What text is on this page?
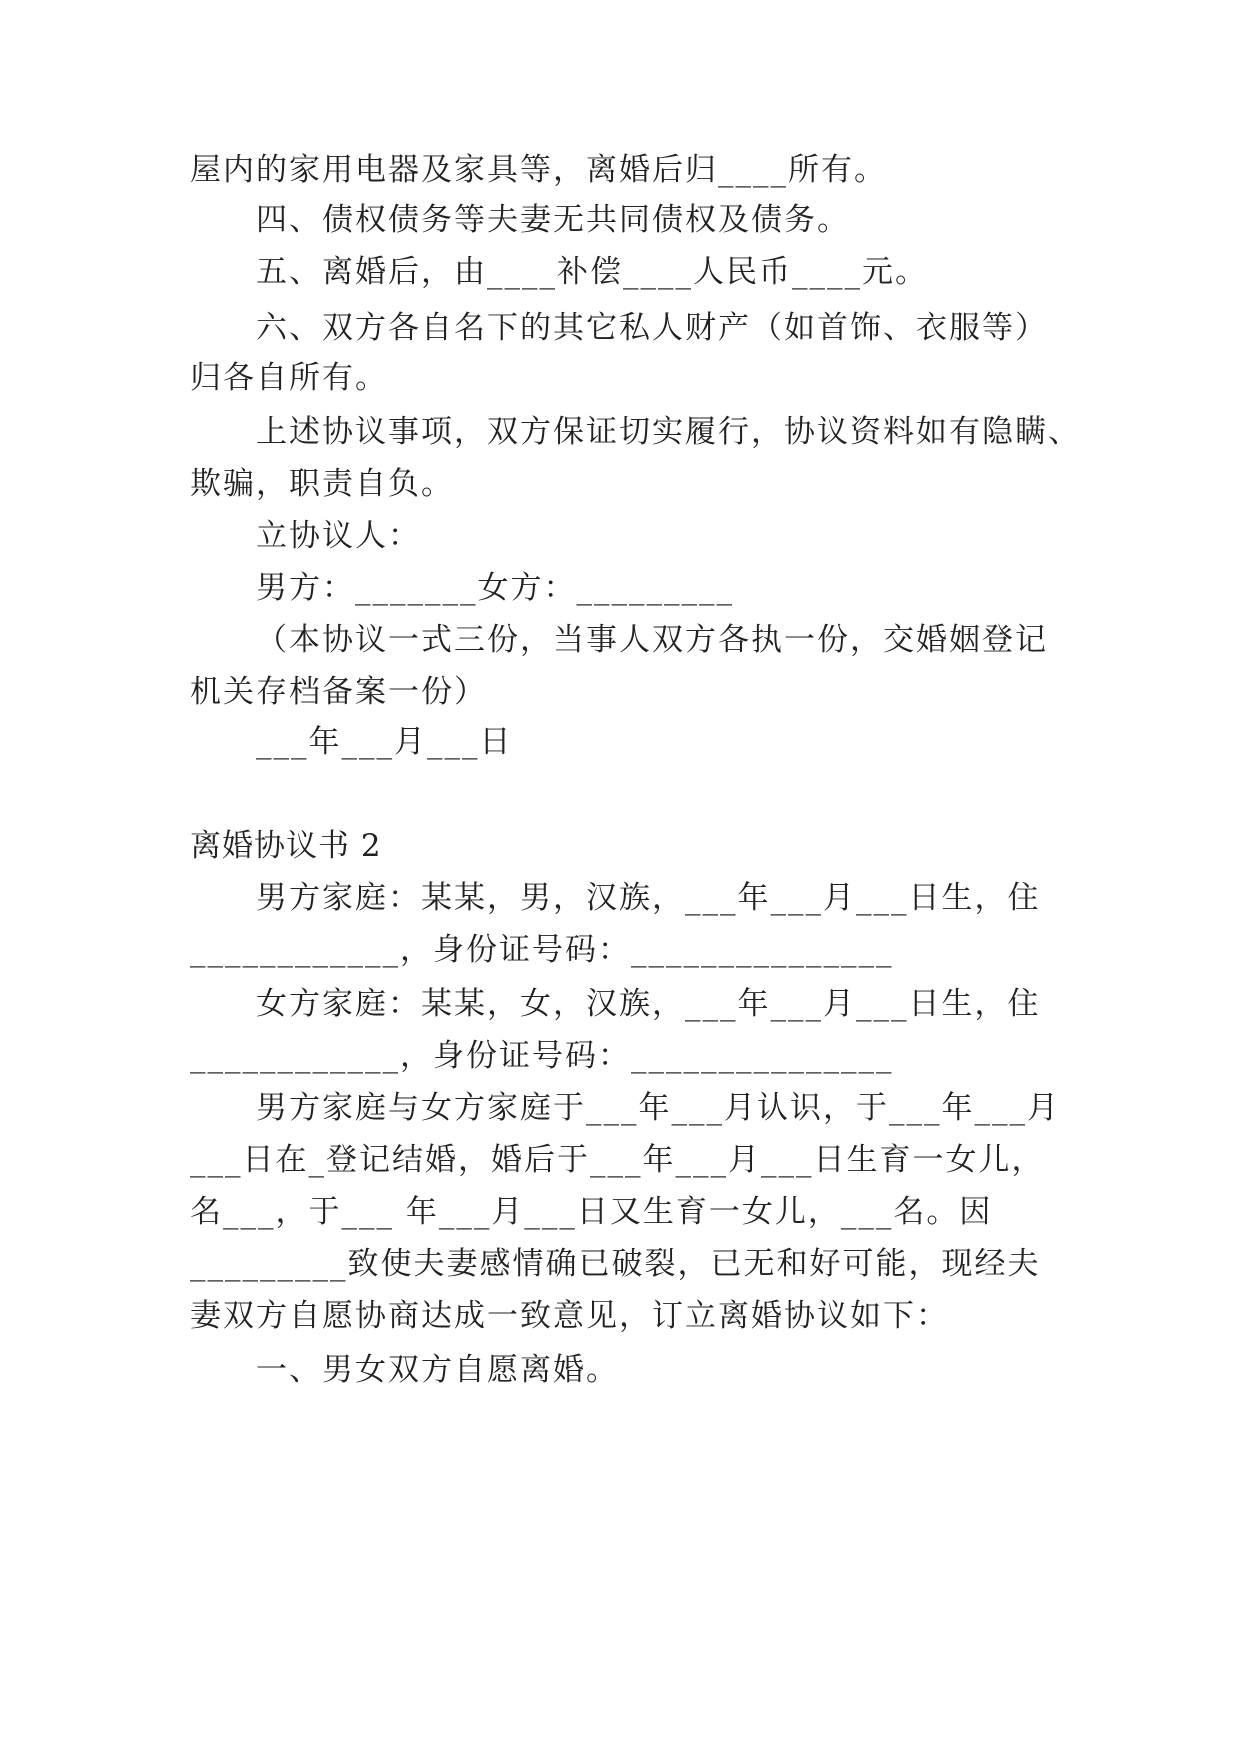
屋内的家用电器及家具等，离婚后归____所有。
四、债权债务等夫妻无共同债权及债务。
五、离婚后，由____补偿____人民币____元。
六、双方各自名下的其它私人财产（如首饰、衣服等）
归各自所有。
上述协议事项，双方保证切实履行，协议资料如有隐瞒、
欺骗，职责自负。
立协议人：
男方：_______女方：_________
（本协议一式三份，当事人双方各执一份，交婚姻登记
机关存档备案一份）
___年___月___日
离婚协议书 2
男方家庭：某某，男，汉族，___年___月___日生，住
____________，身份证号码：_______________
女方家庭：某某，女，汉族，___年___月___日生，住
____________，身份证号码：_______________
男方家庭与女方家庭于___年___月认识，于___年___月
___日在_登记结婚，婚后于___年___月___日生育一女儿，
名___，于___ 年___月___日又生育一女儿，___名。因
_________致使夫妻感情确已破裂，已无和好可能，现经夫
妻双方自愿协商达成一致意见，订立离婚协议如下：
一、男女双方自愿离婚。
